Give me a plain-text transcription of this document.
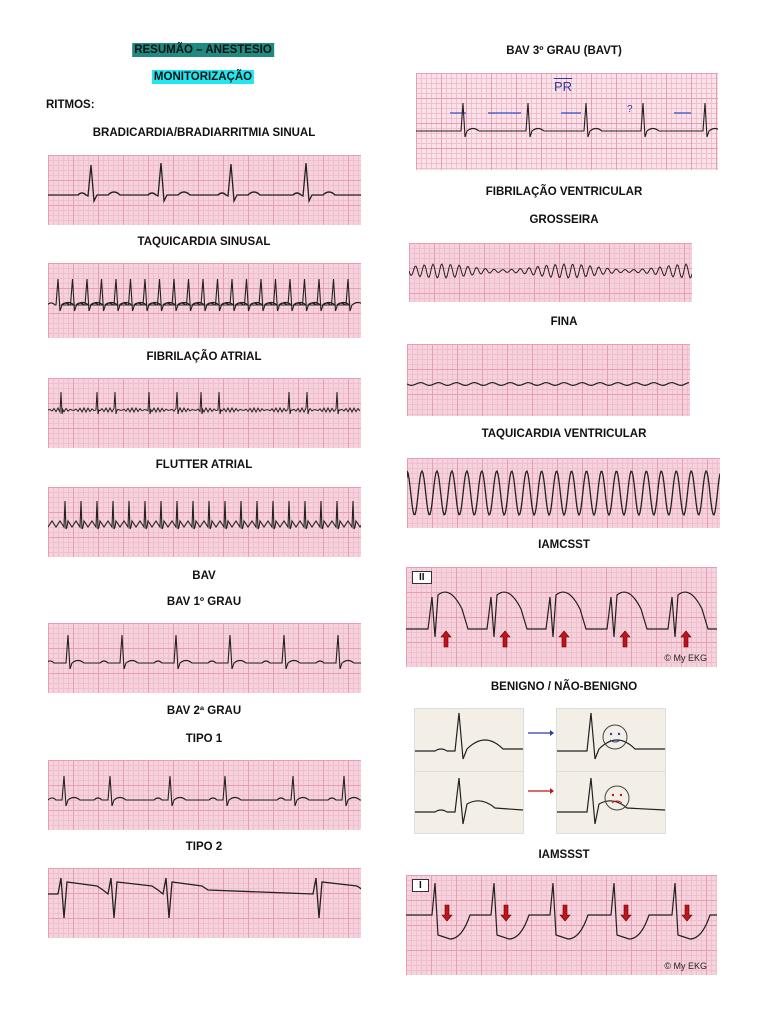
RESUMÃO – ANESTESIO
MONITORIZAÇÃO
RITMOS:
BRADICARDIA/BRADIARRITMIA SINUAL
TAQUICARDIA SINUSAL
FIBRILAÇÃO ATRIAL
FLUTTER ATRIAL
BAV
BAV 1º GRAU
BAV 2ª GRAU
TIPO 1
TIPO 2
BAV 3º GRAU (BAVT)
$\overline{PR}$
?
FIBRILAÇÃO VENTRICULAR
GROSSEIRA
FINA
TAQUICARDIA VENTRICULAR
IAMCSST
II
© My EKG
BENIGNO / NÃO-BENIGNO
IAMSSST
I
© My EKG
